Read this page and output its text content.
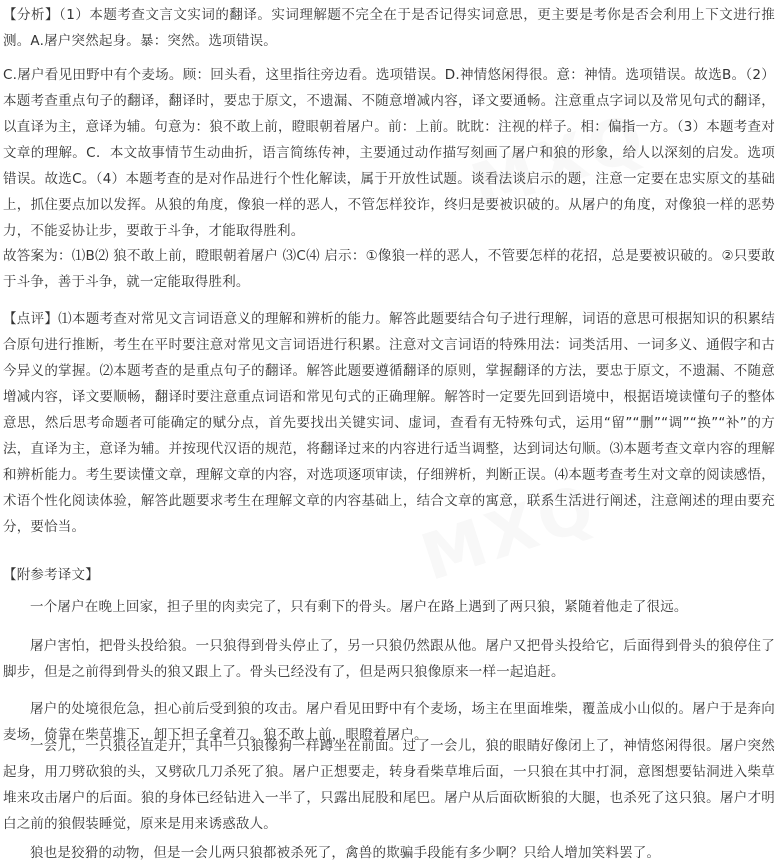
MXQ
MXQ

【分析】（1）本题考查文言文实词的翻译。实词理解题不完全在于是否记得实词意思，更主要是考你是否会利用上下文进行推测。A.屠户突然起身。暴：突然。选项错误。

C.屠户看见田野中有个麦场。顾：回头看，这里指往旁边看。选项错误。D.神情悠闲得很。意：神情。选项错误。故选B。（2）本题考查重点句子的翻译，翻译时，要忠于原文，不遗漏、不随意增减内容，译文要通畅。注意重点字词以及常见句式的翻译，以直译为主，意译为辅。句意为：狼不敢上前，瞪眼朝着屠户。前：上前。眈眈：注视的样子。相：偏指一方。（3）本题考查对文章的理解。C．本文故事情节生动曲折，语言简练传神，主要通过动作描写刻画了屠户和狼的形象，给人以深刻的启发。选项错误。故选C。（4）本题考查的是对作品进行个性化解读，属于开放性试题。谈看法谈启示的题，注意一定要在忠实原文的基础上，抓住要点加以发挥。从狼的角度，像狼一样的恶人，不管怎样狡诈，终归是要被识破的。从屠户的角度，对像狼一样的恶势力，不能妥协让步，要敢于斗争，才能取得胜利。

故答案为：⑴B⑵ 狼不敢上前，瞪眼朝着屠户 ⑶C⑷ 启示：①像狼一样的恶人，不管要怎样的花招，总是要被识破的。②只要敢于斗争，善于斗争，就一定能取得胜利。

【点评】⑴本题考查对常见文言词语意义的理解和辨析的能力。解答此题要结合句子进行理解，词语的意思可根据知识的积累结合原句进行推断，考生在平时要注意对常见文言词语进行积累。注意对文言词语的特殊用法：词类活用、一词多义、通假字和古今异义的掌握。⑵本题考查的是重点句子的翻译。解答此题要遵循翻译的原则，掌握翻译的方法，要忠于原文，不遗漏、不随意增减内容，译文要顺畅，翻译时要注意重点词语和常见句式的正确理解。解答时一定要先回到语境中，根据语境读懂句子的整体意思，然后思考命题者可能确定的赋分点，首先要找出关键实词、虚词，查看有无特殊句式，运用“留”“删”“调”“换”“补”的方法，直译为主，意译为辅。并按现代汉语的规范，将翻译过来的内容进行适当调整，达到词达句顺。⑶本题考查文章内容的理解和辨析能力。考生要读懂文章，理解文章的内容，对选项逐项审读，仔细辨析，判断正误。⑷本题考查考生对文章的阅读感悟，术语个性化阅读体验，解答此题要求考生在理解文章的内容基础上，结合文章的寓意，联系生活进行阐述，注意阐述的理由要充分，要恰当。

【附参考译文】

一个屠户在晚上回家，担子里的肉卖完了，只有剩下的骨头。屠户在路上遇到了两只狼，紧随着他走了很远。

屠户害怕，把骨头投给狼。一只狼得到骨头停止了，另一只狼仍然跟从他。屠户又把骨头投给它，后面得到骨头的狼停住了脚步，但是之前得到骨头的狼又跟上了。骨头已经没有了，但是两只狼像原来一样一起追赶。

屠户的处境很危急，担心前后受到狼的攻击。屠户看见田野中有个麦场，场主在里面堆柴，覆盖成小山似的。屠户于是奔向麦场，倚靠在柴草堆下，卸下担子拿着刀。狼不敢上前，眼瞪着屠户。

一会儿，一只狼径直走开，其中一只狼像狗一样蹲坐在前面。过了一会儿，狼的眼睛好像闭上了，神情悠闲得很。屠户突然起身，用刀劈砍狼的头，又劈砍几刀杀死了狼。屠户正想要走，转身看柴草堆后面，一只狼在其中打洞，意图想要钻洞进入柴草堆来攻击屠户的后面。狼的身体已经钻进入一半了，只露出屁股和尾巴。屠户从后面砍断狼的大腿，也杀死了这只狼。屠户才明白之前的狼假装睡觉，原来是用来诱惑敌人。

狼也是狡猾的动物，但是一会儿两只狼都被杀死了，禽兽的欺骗手段能有多少啊？只给人增加笑料罢了。
